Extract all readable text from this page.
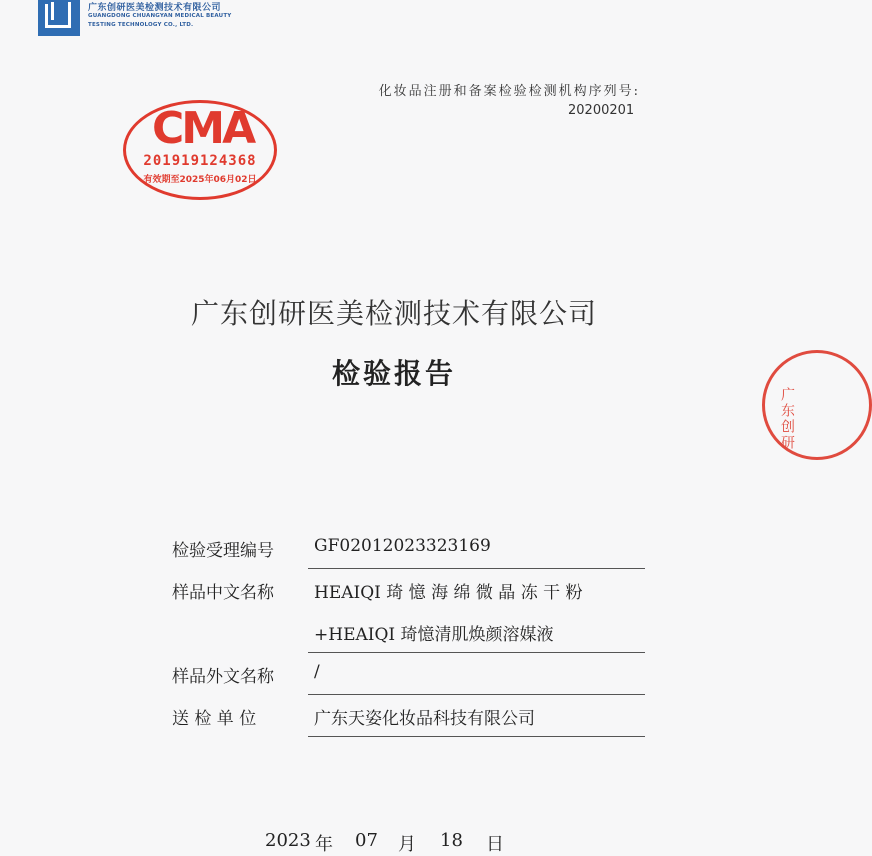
广东创研医美检测技术有限公司
GUANGDONG CHUANGYAN MEDICAL BEAUTY
TESTING TECHNOLOGY CO., LTD.
化妆品注册和备案检验检测机构序列号:
20200201
CMA
201919124368
有效期至2025年06月02日
广东创研
广东创研医美检测技术有限公司
检验报告
检验受理编号 GF02012023323169
样品中文名称 HEAIQI 琦 憶 海 绵 微 晶 冻 干 粉
+HEAIQI 琦憶清肌焕颜溶媒液
样品外文名称 /
送 检 单 位	广东天姿化妆品科技有限公司
2023 年 07 月 18 日
